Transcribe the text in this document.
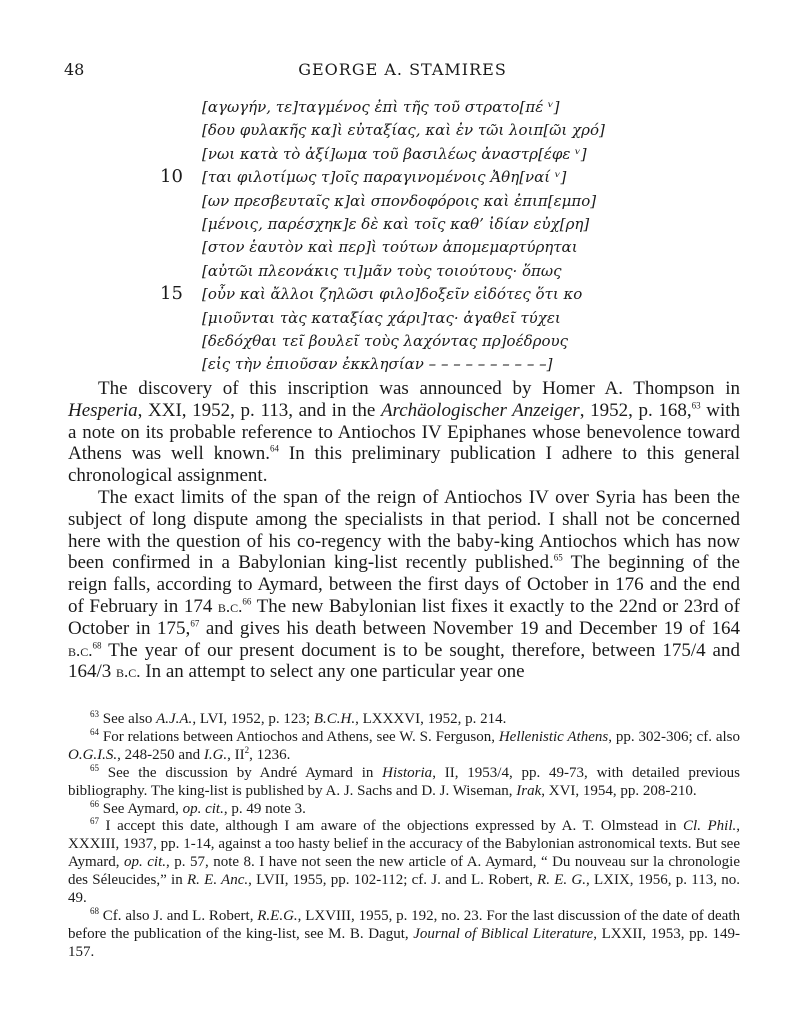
48	GEORGE A. STAMIRES
[αγωγήν, τε]ταγμένος ἐπὶ τῆς τοῦ στρατο[πέ ᵛ]
[δου φυλακῆς κα]ὶ εὐταξίας, καὶ ἐν τῶι λοιπ[ῶι χρό]
[νωι κατὰ τὸ ἀξί]ωμα τοῦ βασιλέως ἀναστρ[έφε ᵛ]
10 [ται φιλοτίμως τ]οῖς παραγινομένοις Ἀθη[ναί ᵛ]
[ων πρεσβευταῖς κ]αὶ σπονδοφόροις καὶ ἐπιπ[εμπο]
[μένοις, παρέσχηκ]ε δὲ καὶ τοῖς καθ’ ἰδίαν εὐχ[ρη]
[στον ἑαυτὸν καὶ περ]ὶ τούτων ἀπομεμαρτύρηται
[αὐτῶι πλεονάκις τι]μᾶν τοὺς τοιούτους· ὅπως
15 [οὖν καὶ ἄλλοι ζηλῶσι φιλο]δοξεῖν εἰδότες ὅτι κο
[μιοῦνται τὰς καταξίας χάρι]τας· ἀγαθεῖ τύχει
[δεδόχθαι τεῖ βουλεῖ τοὺς λαχόντας πρ]οέδρους
[εἰς τὴν ἐπιοῦσαν ἐκκλησίαν – – – – – – – – – –]

The discovery of this inscription was announced by Homer A. Thompson in Hesperia, XXI, 1952, p. 113, and in the Archäologischer Anzeiger, 1952, p. 168,63 with a note on its probable reference to Antiochos IV Epiphanes whose benevolence toward Athens was well known.$^{64}$ In this preliminary publication I adhere to this general chronological assignment.

The exact limits of the span of the reign of Antiochos IV over Syria has been the subject of long dispute among the specialists in that period. I shall not be concerned here with the question of his co-regency with the baby-king Antiochos which has now been confirmed in a Babylonian king-list recently published.$^{65}$ The beginning of the reign falls, according to Aymard, between the first days of October in 176 and the end of February in 174 b.c.$^{66}$ The new Babylonian list fixes it exactly to the 22nd or 23rd of October in 175,67 and gives his death between November 19 and December 19 of 164 b.c.$^{68}$ The year of our present document is to be sought, therefore, between 175/4 and 164/3 b.c. In an attempt to select any one particular year one

$^{63}$ See also A.J.A., LVI, 1952, p. 123; B.C.H., LXXXVI, 1952, p. 214.

$^{64}$ For relations between Antiochos and Athens, see W. S. Ferguson, Hellenistic Athens, pp. 302-306; cf. also O.G.I.S., 248-250 and I.G., $II^2$, 1236.

$^{65}$ See the discussion by André Aymard in Historia, II, 1953/4, pp. 49-73, with detailed previous bibliography. The king-list is published by A. J. Sachs and D. J. Wiseman, Irak, XVI, 1954, pp. 208-210.

$^{66}$ See Aymard, op. cit., p. 49 note 3.

$^{67}$ I accept this date, although I am aware of the objections expressed by A. T. Olmstead in Cl. Phil., XXXIII, 1937, pp. 1-14, against a too hasty belief in the accuracy of the Babylonian astronomical texts. But see Aymard, op. cit., p. 57, note 8. I have not seen the new article of A. Aymard, “ Du nouveau sur la chronologie des Séleucides,” in R. E. Anc., LVII, 1955, pp. 102-112; cf. J. and L. Robert, R. E. G., LXIX, 1956, p. 113, no. 49.

$^{68}$ Cf. also J. and L. Robert, R.E.G., LXVIII, 1955, p. 192, no. 23. For the last discussion of the date of death before the publication of the king-list, see M. B. Dagut, Journal of Biblical Literature, LXXII, 1953, pp. 149-157.
